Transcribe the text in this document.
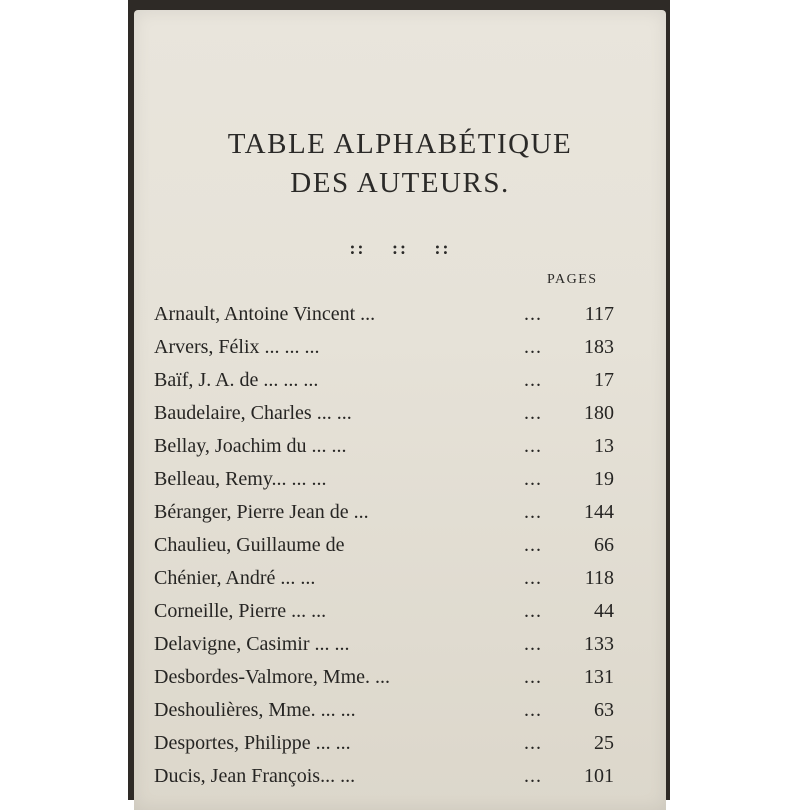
TABLE ALPHABÉTIQUE
DES AUTEURS.
:: :: ::
PAGES
Arnault, Antoine Vincent ...	...	117
Arvers, Félix ... ... ...	...	183
Baïf, J. A. de ... ... ...	...	17
Baudelaire, Charles ... ...	...	180
Bellay, Joachim du ... ...	...	13
Belleau, Remy... ... ...	...	19
Béranger, Pierre Jean de ...	...	144
Chaulieu, Guillaume de	...	66
Chénier, André ... ...	...	118
Corneille, Pierre ... ...	...	44
Delavigne, Casimir ... ...	...	133
Desbordes-Valmore, Mme. ...	...	131
Deshoulières, Mme. ... ...	...	63
Desportes, Philippe ... ...	...	25
Ducis, Jean François... ...	...	101
